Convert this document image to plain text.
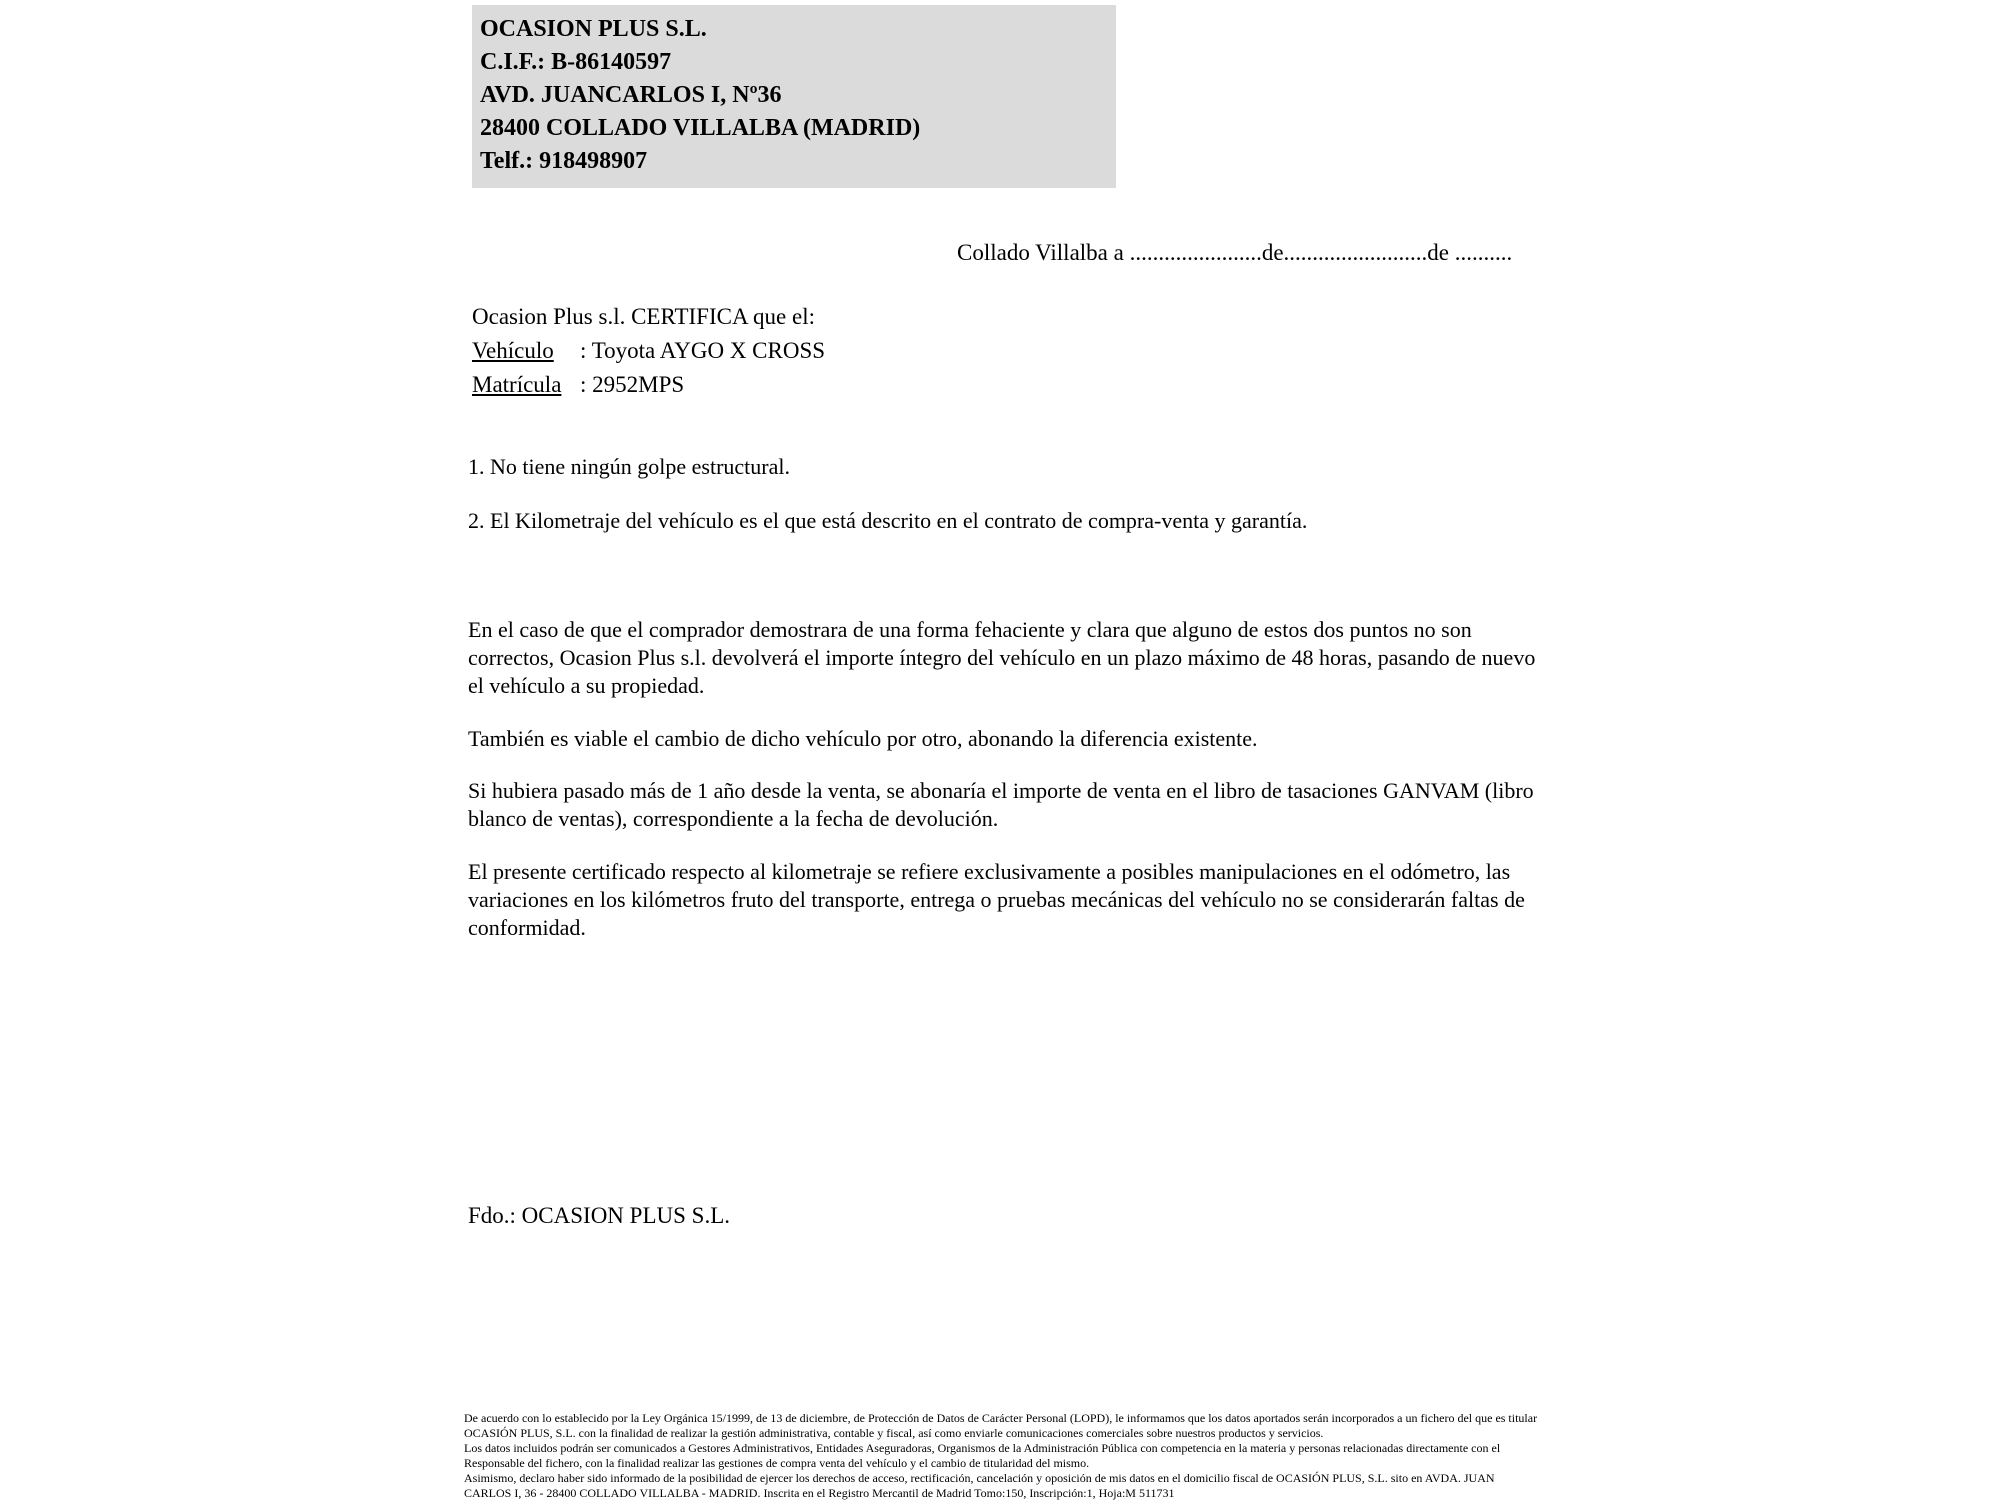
OCASION PLUS S.L.
C.I.F.: B-86140597
AVD. JUANCARLOS I, Nº36
28400 COLLADO VILLALBA (MADRID)
Telf.: 918498907
Collado Villalba a .......................de.........................de ..........
Ocasion Plus s.l. CERTIFICA que el:
Vehículo : Toyota AYGO X CROSS
Matrícula : 2952MPS
1. No tiene ningún golpe estructural.
2. El Kilometraje del vehículo es el que está descrito en el contrato de compra-venta y garantía.
En el caso de que el comprador demostrara de una forma fehaciente y clara que alguno de estos dos puntos no son correctos, Ocasion Plus s.l. devolverá el importe íntegro del vehículo en un plazo máximo de 48 horas, pasando de nuevo el vehículo a su propiedad.
También es viable el cambio de dicho vehículo por otro, abonando la diferencia existente.
Si hubiera pasado más de 1 año desde la venta, se abonaría el importe de venta en el libro de tasaciones GANVAM (libro blanco de ventas), correspondiente a la fecha de devolución.
El presente certificado respecto al kilometraje se refiere exclusivamente a posibles manipulaciones en el odómetro, las variaciones en los kilómetros fruto del transporte, entrega o pruebas mecánicas del vehículo no se considerarán faltas de conformidad.
Fdo.: OCASION PLUS S.L.
De acuerdo con lo establecido por la Ley Orgánica 15/1999, de 13 de diciembre, de Protección de Datos de Carácter Personal (LOPD), le informamos que los datos aportados serán incorporados a un fichero del que es titular
OCASIÓN PLUS, S.L. con la finalidad de realizar la gestión administrativa, contable y fiscal, así como enviarle comunicaciones comerciales sobre nuestros productos y servicios.
Los datos incluidos podrán ser comunicados a Gestores Administrativos, Entidades Aseguradoras, Organismos de la Administración Pública con competencia en la materia y personas relacionadas directamente con el
Responsable del fichero, con la finalidad realizar las gestiones de compra venta del vehículo y el cambio de titularidad del mismo.
Asimismo, declaro haber sido informado de la posibilidad de ejercer los derechos de acceso, rectificación, cancelación y oposición de mis datos en el domicilio fiscal de OCASIÓN PLUS, S.L. sito en AVDA. JUAN
CARLOS I, 36 - 28400 COLLADO VILLALBA - MADRID. Inscrita en el Registro Mercantil de Madrid Tomo:150, Inscripción:1, Hoja:M 511731
